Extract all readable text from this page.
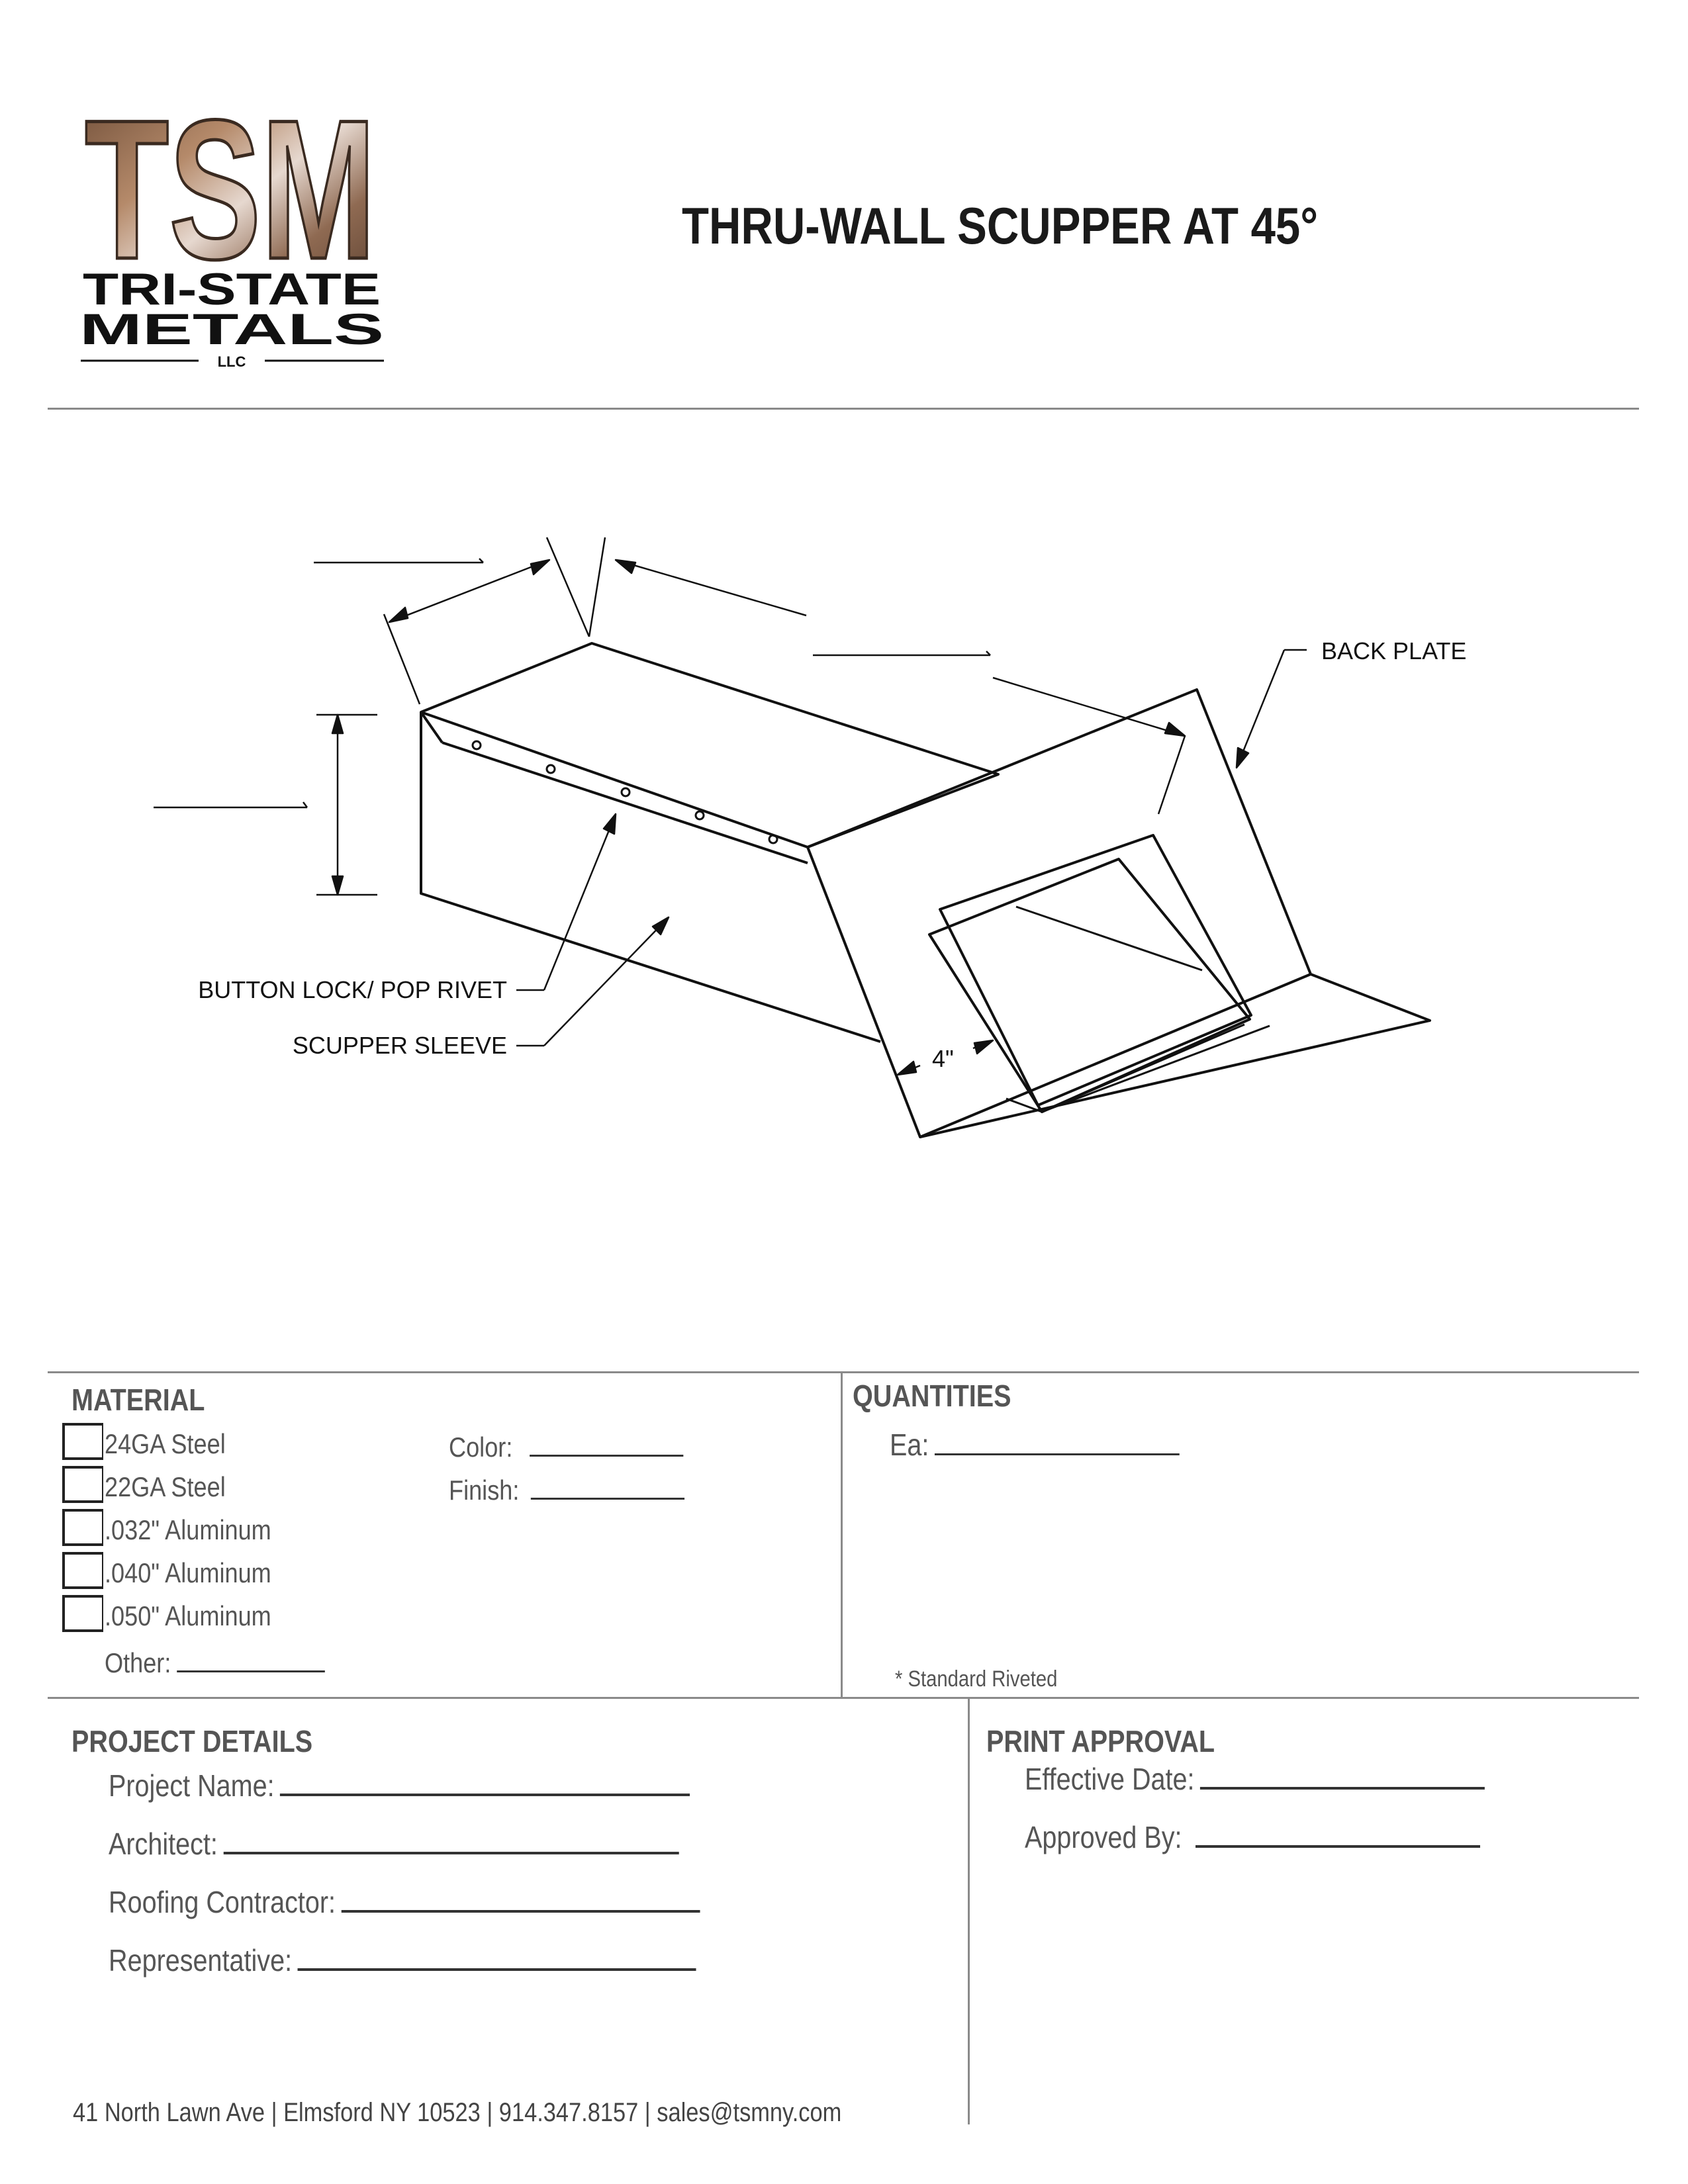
TSM
TRI-STATE
METALS
LLC
THRU-WALL SCUPPER AT 45°
BACK PLATE
BUTTON LOCK/ POP RIVET
SCUPPER SLEEVE	4"
MATERIAL
24GA Steel
22GA Steel
.032" Aluminum
.040" Aluminum
.050" Aluminum
Other:
Color:
Finish:
QUANTITIES
Ea:
* Standard Riveted
PROJECT DETAILS
Project Name:
Architect:
Roofing Contractor:
Representative:
PRINT APPROVAL
Effective Date:
Approved By:
41 North Lawn Ave | Elmsford NY 10523 | 914.347.8157 | sales@tsmny.com
